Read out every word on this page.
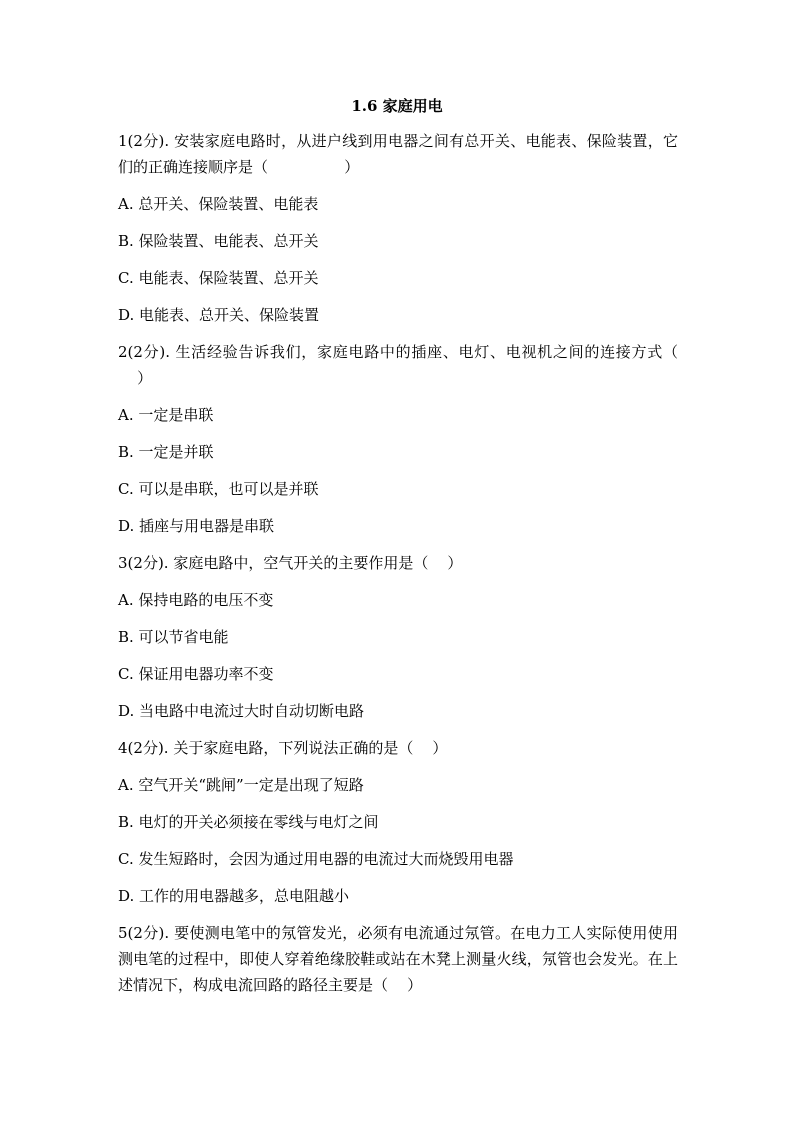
1.6 家庭用电

1(2分). 安装家庭电路时，从进户线到用电器之间有总开关、电能表、保险装置，它们的正确连接顺序是（                ）

A. 总开关、保险装置、电能表

B. 保险装置、电能表、总开关

C. 电能表、保险装置、总开关

D. 电能表、总开关、保险装置

2(2分). 生活经验告诉我们，家庭电路中的插座、电灯、电视机之间的连接方式（    ）

A. 一定是串联

B. 一定是并联

C. 可以是串联，也可以是并联

D. 插座与用电器是串联

3(2分). 家庭电路中，空气开关的主要作用是（    ）

A. 保持电路的电压不变

B. 可以节省电能

C. 保证用电器功率不变

D. 当电路中电流过大时自动切断电路

4(2分). 关于家庭电路，下列说法正确的是（    ）

A. 空气开关“跳闸”一定是出现了短路

B. 电灯的开关必须接在零线与电灯之间

C. 发生短路时，会因为通过用电器的电流过大而烧毁用电器

D. 工作的用电器越多，总电阻越小

5(2分). 要使测电笔中的氖管发光，必须有电流通过氖管。在电力工人实际使用使用测电笔的过程中，即使人穿着绝缘胶鞋或站在木凳上测量火线，氖管也会发光。在上述情况下，构成电流回路的路径主要是（    ）
